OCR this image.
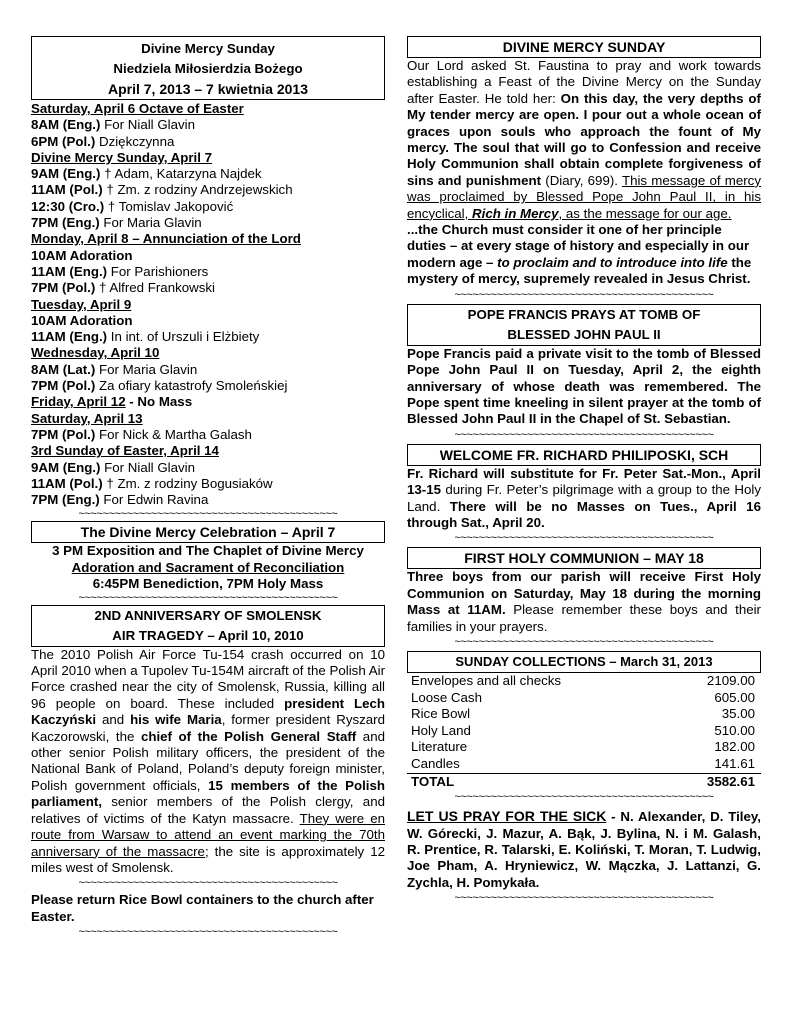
Divine Mercy Sunday
Niedziela Miłosierdzia Bożego
April 7, 2013 – 7 kwietnia 2013
Saturday, April 6 Octave of Easter
8AM (Eng.) For Niall Glavin
6PM (Pol.) Dziękczynna
Divine Mercy Sunday, April 7
9AM (Eng.) † Adam, Katarzyna Najdek
11AM (Pol.) † Zm. z rodziny Andrzejewskich
12:30 (Cro.) † Tomislav Jakopović
7PM (Eng.) For Maria Glavin
Monday, April 8 – Annunciation of the Lord
10AM Adoration
11AM (Eng.) For Parishioners
7PM (Pol.) † Alfred Frankowski
Tuesday, April 9
10AM Adoration
11AM (Eng.) In int. of Urszuli i Elżbiety
Wednesday, April 10
8AM (Lat.) For Maria Glavin
7PM (Pol.) Za ofiary katastrofy Smoleńskiej
Friday, April 12 - No Mass
Saturday, April 13
7PM (Pol.) For Nick & Martha Galash
3rd Sunday of Easter, April 14
9AM (Eng.) For Niall Glavin
11AM (Pol.) † Zm. z rodziny Bogusiaków
7PM (Eng.) For Edwin Ravina
~~~~~~~~~~~~~~~~~~~~~~~~~~~~~~~~~~~~~~~~~~~
The Divine Mercy Celebration – April 7
3 PM Exposition and The Chaplet of Divine Mercy
Adoration and Sacrament of Reconciliation
6:45PM Benediction, 7PM Holy Mass
~~~~~~~~~~~~~~~~~~~~~~~~~~~~~~~~~~~~~~~~~~~
2ND ANNIVERSARY OF SMOLENSK
AIR TRAGEDY – April 10, 2010
The 2010 Polish Air Force Tu-154 crash occurred on 10 April 2010 when a Tupolev Tu-154M aircraft of the Polish Air Force crashed near the city of Smolensk, Russia, killing all 96 people on board. These included president Lech Kaczyński and his wife Maria, former president Ryszard Kaczorowski, the chief of the Polish General Staff and other senior Polish military officers, the president of the National Bank of Poland, Poland’s deputy foreign minister, Polish government officials, 15 members of the Polish parliament, senior members of the Polish clergy, and relatives of victims of the Katyn massacre. They were en route from Warsaw to attend an event marking the 70th anniversary of the massacre; the site is approximately 12 miles west of Smolensk.
~~~~~~~~~~~~~~~~~~~~~~~~~~~~~~~~~~~~~~~~~~~
Please return Rice Bowl containers to the church after Easter.
~~~~~~~~~~~~~~~~~~~~~~~~~~~~~~~~~~~~~~~~~~~
DIVINE MERCY SUNDAY
Our Lord asked St. Faustina to pray and work towards establishing a Feast of the Divine Mercy on the Sunday after Easter. He told her: On this day, the very depths of My tender mercy are open. I pour out a whole ocean of graces upon souls who approach the fount of My mercy. The soul that will go to Confession and receive Holy Communion shall obtain complete forgiveness of sins and punishment (Diary, 699). This message of mercy was proclaimed by Blessed Pope John Paul II, in his encyclical, Rich in Mercy, as the message for our age.
...the Church must consider it one of her principle duties – at every stage of history and especially in our modern age – to proclaim and to introduce into life the mystery of mercy, supremely revealed in Jesus Christ.
~~~~~~~~~~~~~~~~~~~~~~~~~~~~~~~~~~~~~~~~~~~
POPE FRANCIS PRAYS AT TOMB OF
BLESSED JOHN PAUL II
Pope Francis paid a private visit to the tomb of Blessed Pope John Paul II on Tuesday, April 2, the eighth anniversary of whose death was remembered. The Pope spent time kneeling in silent prayer at the tomb of Blessed John Paul II in the Chapel of St. Sebastian.
~~~~~~~~~~~~~~~~~~~~~~~~~~~~~~~~~~~~~~~~~~~
WELCOME FR. RICHARD PHILIPOSKI, SCH
Fr. Richard will substitute for Fr. Peter Sat.-Mon., April 13-15 during Fr. Peter’s pilgrimage with a group to the Holy Land. There will be no Masses on Tues., April 16 through Sat., April 20.
~~~~~~~~~~~~~~~~~~~~~~~~~~~~~~~~~~~~~~~~~~~
FIRST HOLY COMMUNION – MAY 18
Three boys from our parish will receive First Holy Communion on Saturday, May 18 during the morning Mass at 11AM. Please remember these boys and their families in your prayers.
~~~~~~~~~~~~~~~~~~~~~~~~~~~~~~~~~~~~~~~~~~~
SUNDAY COLLECTIONS – March 31, 2013
Envelopes and all checks	2109.00
Loose Cash	605.00
Rice Bowl	35.00
Holy Land	510.00
Literature	182.00
Candles	141.61
TOTAL	3582.61
~~~~~~~~~~~~~~~~~~~~~~~~~~~~~~~~~~~~~~~~~~~
LET US PRAY FOR THE SICK - N. Alexander, D. Tiley, W. Górecki, J. Mazur, A. Bąk, J. Bylina, N. i M. Galash, R. Prentice, R. Talarski, E. Koliński, T. Moran, T. Ludwig, Joe Pham, A. Hryniewicz, W. Mączka, J. Lattanzi, G. Zychla, H. Pomykała.
~~~~~~~~~~~~~~~~~~~~~~~~~~~~~~~~~~~~~~~~~~~
